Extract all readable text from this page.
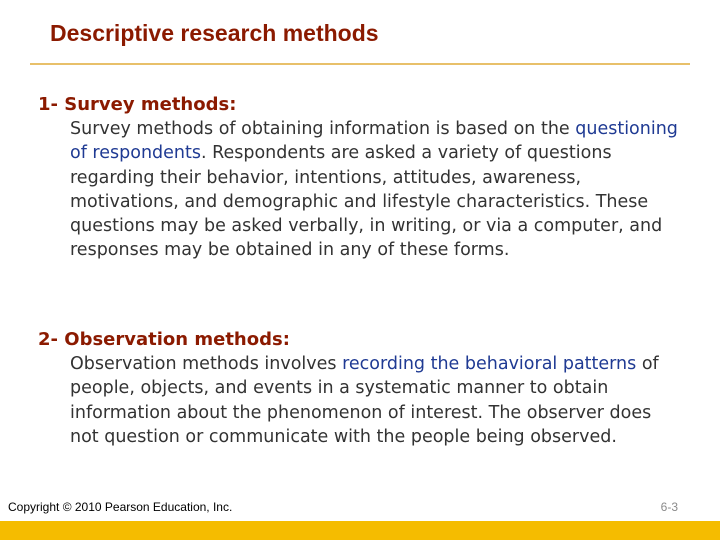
Descriptive research methods
1- Survey methods:
Survey methods of obtaining information is based on the questioning of respondents. Respondents are asked a variety of questions regarding their behavior, intentions, attitudes, awareness, motivations, and demographic and lifestyle characteristics. These questions may be asked verbally, in writing, or via a computer, and responses may be obtained in any of these forms.
2- Observation methods:
Observation methods involves recording the behavioral patterns of people, objects, and events in a systematic manner to obtain information about the phenomenon of interest. The observer does not question or communicate with the people being observed.
Copyright © 2010 Pearson Education, Inc.	6-3
